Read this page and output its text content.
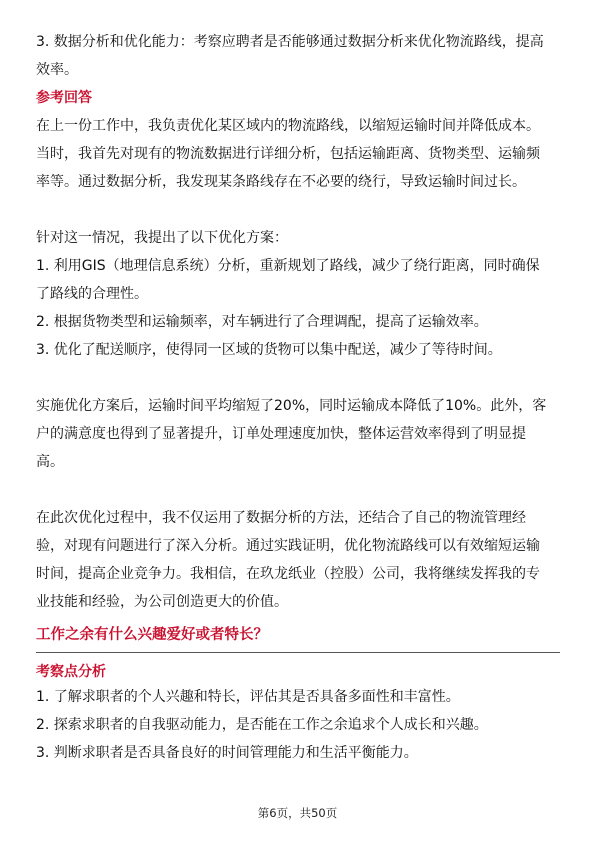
3. 数据分析和优化能力：考察应聘者是否能够通过数据分析来优化物流路线，提高

效率。

参考回答

在上一份工作中，我负责优化某区域内的物流路线，以缩短运输时间并降低成本。

当时，我首先对现有的物流数据进行详细分析，包括运输距离、货物类型、运输频

率等。通过数据分析，我发现某条路线存在不必要的绕行，导致运输时间过长。

针对这一情况，我提出了以下优化方案：

1. 利用GIS（地理信息系统）分析，重新规划了路线，减少了绕行距离，同时确保

了路线的合理性。

2. 根据货物类型和运输频率，对车辆进行了合理调配，提高了运输效率。

3. 优化了配送顺序，使得同一区域的货物可以集中配送，减少了等待时间。

实施优化方案后，运输时间平均缩短了20%，同时运输成本降低了10%。此外，客

户的满意度也得到了显著提升，订单处理速度加快，整体运营效率得到了明显提

高。

在此次优化过程中，我不仅运用了数据分析的方法，还结合了自己的物流管理经

验，对现有问题进行了深入分析。通过实践证明，优化物流路线可以有效缩短运输

时间，提高企业竞争力。我相信，在玖龙纸业（控股）公司，我将继续发挥我的专

业技能和经验，为公司创造更大的价值。

工作之余有什么兴趣爱好或者特长？

考察点分析

1. 了解求职者的个人兴趣和特长，评估其是否具备多面性和丰富性。

2. 探索求职者的自我驱动能力，是否能在工作之余追求个人成长和兴趣。

3. 判断求职者是否具备良好的时间管理能力和生活平衡能力。

第6页，共50页
